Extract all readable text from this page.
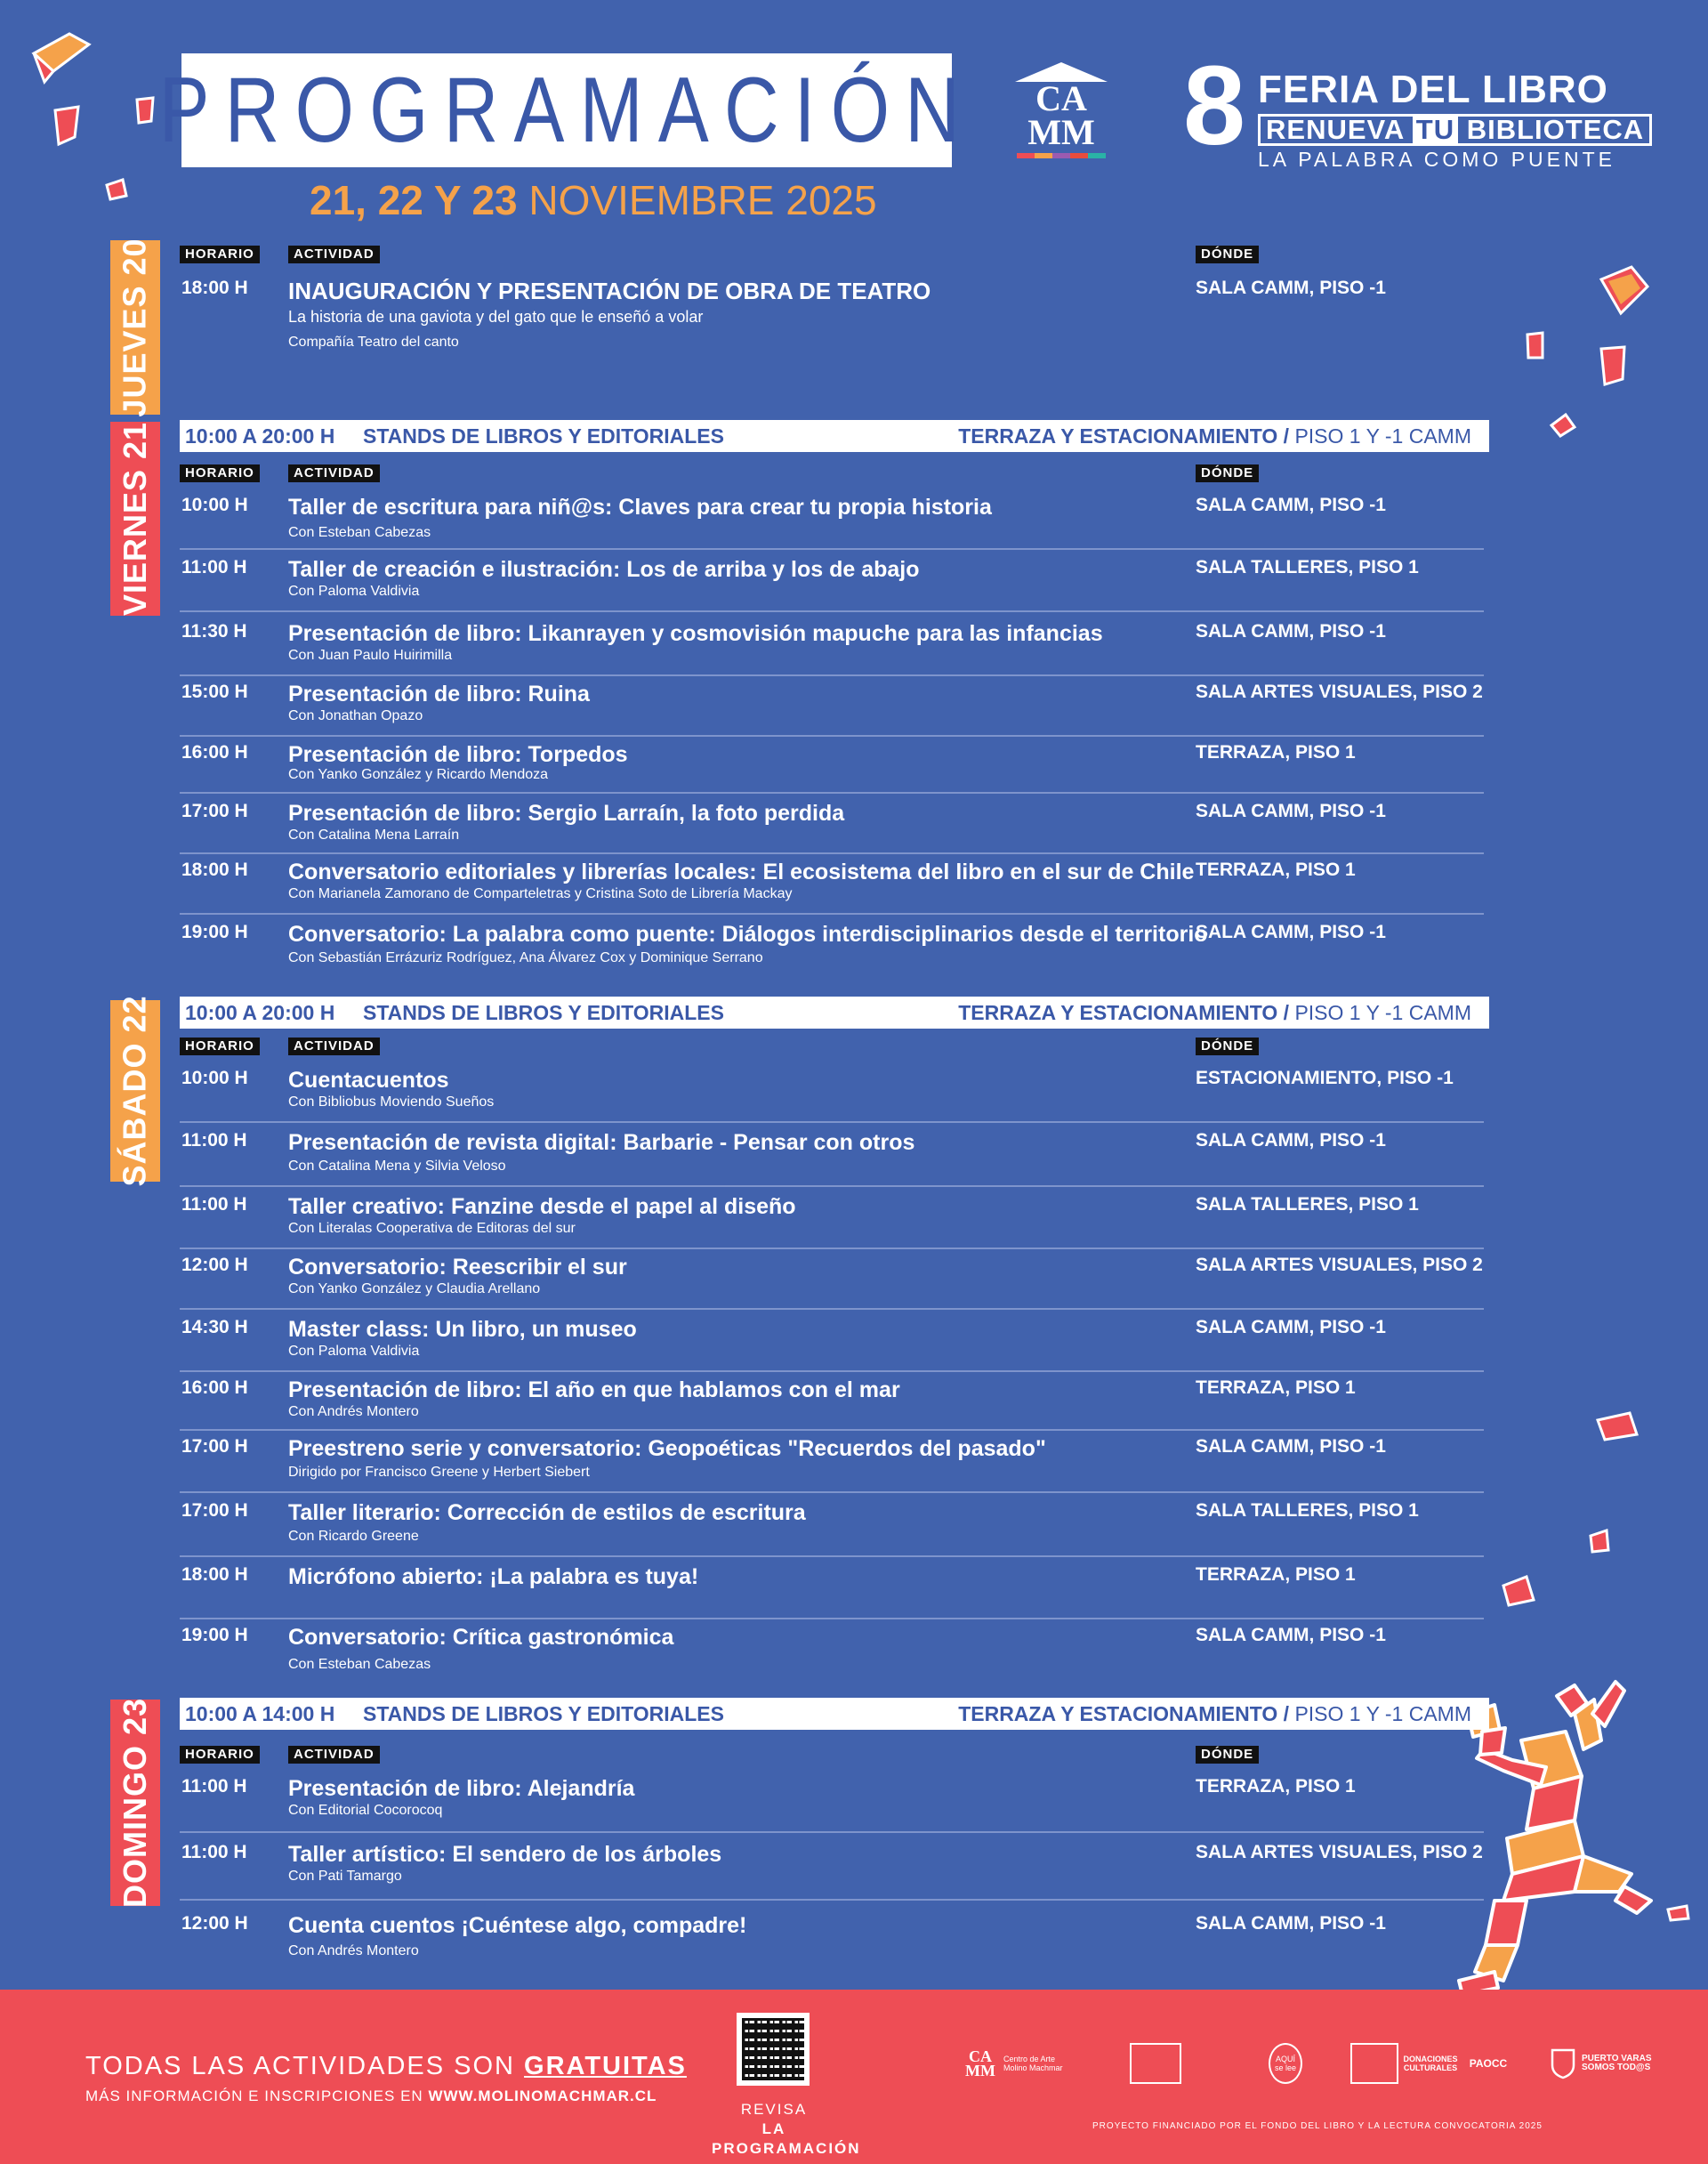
PROGRAMACIÓN
21, 22 Y 23 NOVIEMBRE 2025
CA
MM 8 FERIA DEL LIBRO
RENUEVA TU BIBLIOTECA
LA PALABRA COMO PUENTE
JUEVES 20
VIERNES 21
SÁBADO 22
DOMINGO 23
HORARIO	ACTIVIDAD	DÓNDE
18:00 H INAUGURACIÓN Y PRESENTACIÓN DE OBRA DE TEATRO
La historia de una gaviota y del gato que le enseñó a volar
Compañía Teatro del canto
SALA CAMM, PISO -1
10:00 A 20:00 H STANDS DE LIBROS Y EDITORIALES	TERRAZA Y ESTACIONAMIENTO / PISO 1 Y -1 CAMM
HORARIO	ACTIVIDAD	DÓNDE
10:00 H Taller de escritura para niñ@s: Claves para crear tu propia historia
Con Esteban Cabezas
SALA CAMM, PISO -1
11:00 H Taller de creación e ilustración: Los de arriba y los de abajo
Con Paloma Valdivia
SALA TALLERES, PISO 1
11:30 H Presentación de libro: Likanrayen y cosmovisión mapuche para las infancias
Con Juan Paulo Huirimilla
SALA CAMM, PISO -1
15:00 H Presentación de libro: Ruina
Con Jonathan Opazo
SALA ARTES VISUALES, PISO 2
16:00 H Presentación de libro: Torpedos
Con Yanko González y Ricardo Mendoza
TERRAZA, PISO 1
17:00 H Presentación de libro: Sergio Larraín, la foto perdida
Con Catalina Mena Larraín
SALA CAMM, PISO -1
18:00 H Conversatorio editoriales y librerías locales: El ecosistema del libro en el sur de Chile
Con Marianela Zamorano de Comparteletras y Cristina Soto de Librería Mackay
TERRAZA, PISO 1
19:00 H Conversatorio: La palabra como puente: Diálogos interdisciplinarios desde el territorio
Con Sebastián Errázuriz Rodríguez, Ana Álvarez Cox y Dominique Serrano
SALA CAMM, PISO -1
10:00 A 20:00 H STANDS DE LIBROS Y EDITORIALES	TERRAZA Y ESTACIONAMIENTO / PISO 1 Y -1 CAMM
HORARIO	ACTIVIDAD	DÓNDE
10:00 H Cuentacuentos
Con Bibliobus Moviendo Sueños
ESTACIONAMIENTO, PISO -1
11:00 H Presentación de revista digital: Barbarie - Pensar con otros
Con Catalina Mena y Silvia Veloso
SALA CAMM, PISO -1
11:00 H Taller creativo: Fanzine desde el papel al diseño
Con Literalas Cooperativa de Editoras del sur
SALA TALLERES, PISO 1
12:00 H Conversatorio: Reescribir el sur
Con Yanko González y Claudia Arellano
SALA ARTES VISUALES, PISO 2
14:30 H Master class: Un libro, un museo
Con Paloma Valdivia
SALA CAMM, PISO -1
16:00 H Presentación de libro: El año en que hablamos con el mar
Con Andrés Montero
TERRAZA, PISO 1
17:00 H Preestreno serie y conversatorio: Geopoéticas "Recuerdos del pasado"
Dirigido por Francisco Greene y Herbert Siebert
SALA CAMM, PISO -1
17:00 H Taller literario: Corrección de estilos de escritura
Con Ricardo Greene
SALA TALLERES, PISO 1
18:00 H Micrófono abierto: ¡La palabra es tuya!	TERRAZA, PISO 1
19:00 H Conversatorio: Crítica gastronómica
Con Esteban Cabezas
SALA CAMM, PISO -1
10:00 A 14:00 H STANDS DE LIBROS Y EDITORIALES	TERRAZA Y ESTACIONAMIENTO / PISO 1 Y -1 CAMM
HORARIO	ACTIVIDAD	DÓNDE
11:00 H Presentación de libro: Alejandría
Con Editorial Cocorocoq
TERRAZA, PISO 1
11:00 H Taller artístico: El sendero de los árboles
Con Pati Tamargo
SALA ARTES VISUALES, PISO 2
12:00 H Cuenta cuentos ¡Cuéntese algo, compadre!
Con Andrés Montero
SALA CAMM, PISO -1
TODAS LAS ACTIVIDADES SON GRATUITAS
MÁS INFORMACIÓN E INSCRIPCIONES EN WWW.MOLINOMACHMAR.CL
REVISA
LA PROGRAMACIÓN
CA MM
Centro de Arte Molino Machmar
AQUÍ se lee
DONACIONES CULTURALES PAOCC	PUERTO VARAS SOMOS TOD@S
PROYECTO FINANCIADO POR EL FONDO DEL LIBRO Y LA LECTURA CONVOCATORIA 2025
